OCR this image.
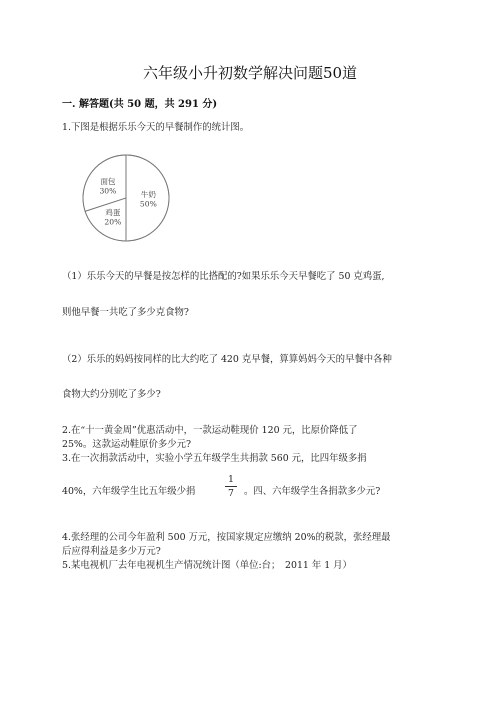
六年级小升初数学解决问题50道
一. 解答题(共 50 题，共 291 分)
1.下图是根据乐乐今天的早餐制作的统计图。
牛奶
50%
鸡蛋
20%
面包
30%
（1）乐乐今天的早餐是按怎样的比搭配的?如果乐乐今天早餐吃了 50 克鸡蛋,
则他早餐一共吃了多少克食物?
（2）乐乐的妈妈按同样的比大约吃了 420 克早餐，算算妈妈今天的早餐中各种
食物大约分别吃了多少?
2.在“十一黄金周”优惠活动中，一款运动鞋现价 120 元，比原价降低了
25%。这款运动鞋原价多少元?
3.在一次捐款活动中，实验小学五年级学生共捐款 560 元，比四年级多捐
40%，六年级学生比五年级少捐
1
7	。四、六年级学生各捐款多少元?
4.张经理的公司今年盈利 500 万元，按国家规定应缴纳 20%的税款，张经理最
后应得利益是多少万元?
5.某电视机厂去年电视机生产情况统计图（单位:台；　2011 年 1 月）
